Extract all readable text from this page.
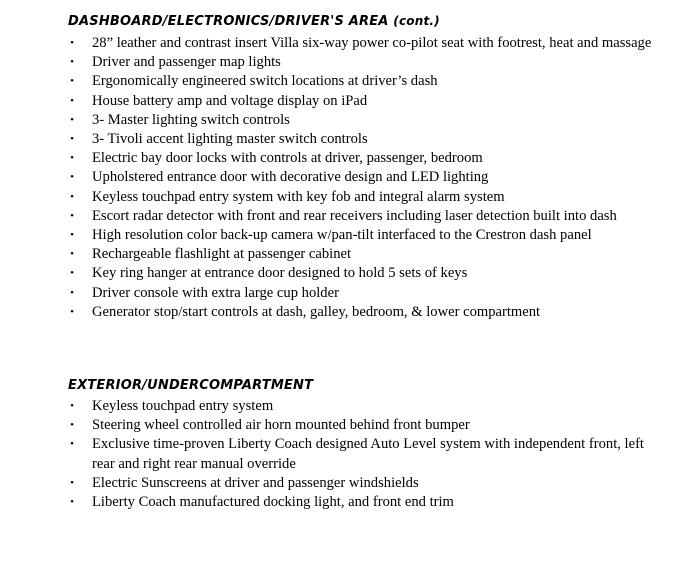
DASHBOARD/ELECTRONICS/DRIVER'S AREA (cont.)
• 28” leather and contrast insert Villa six-way power co-pilot seat with footrest, heat and massage
• Driver and passenger map lights
• Ergonomically engineered switch locations at driver’s dash
• House battery amp and voltage display on iPad
• 3- Master lighting switch controls
• 3- Tivoli accent lighting master switch controls
• Electric bay door locks with controls at driver, passenger, bedroom
• Upholstered entrance door with decorative design and LED lighting
• Keyless touchpad entry system with key fob and integral alarm system
• Escort radar detector with front and rear receivers including laser detection built into dash
• High resolution color back-up camera w/pan-tilt interfaced to the Crestron dash panel
• Rechargeable flashlight at passenger cabinet
• Key ring hanger at entrance door designed to hold 5 sets of keys
• Driver console with extra large cup holder
• Generator stop/start controls at dash, galley, bedroom, & lower compartment
EXTERIOR/UNDERCOMPARTMENT
• Keyless touchpad entry system
• Steering wheel controlled air horn mounted behind front bumper
• Exclusive time-proven Liberty Coach designed Auto Level system with independent front, left rear and right rear manual override
• Electric Sunscreens at driver and passenger windshields
• Liberty Coach manufactured docking light, and front end trim
